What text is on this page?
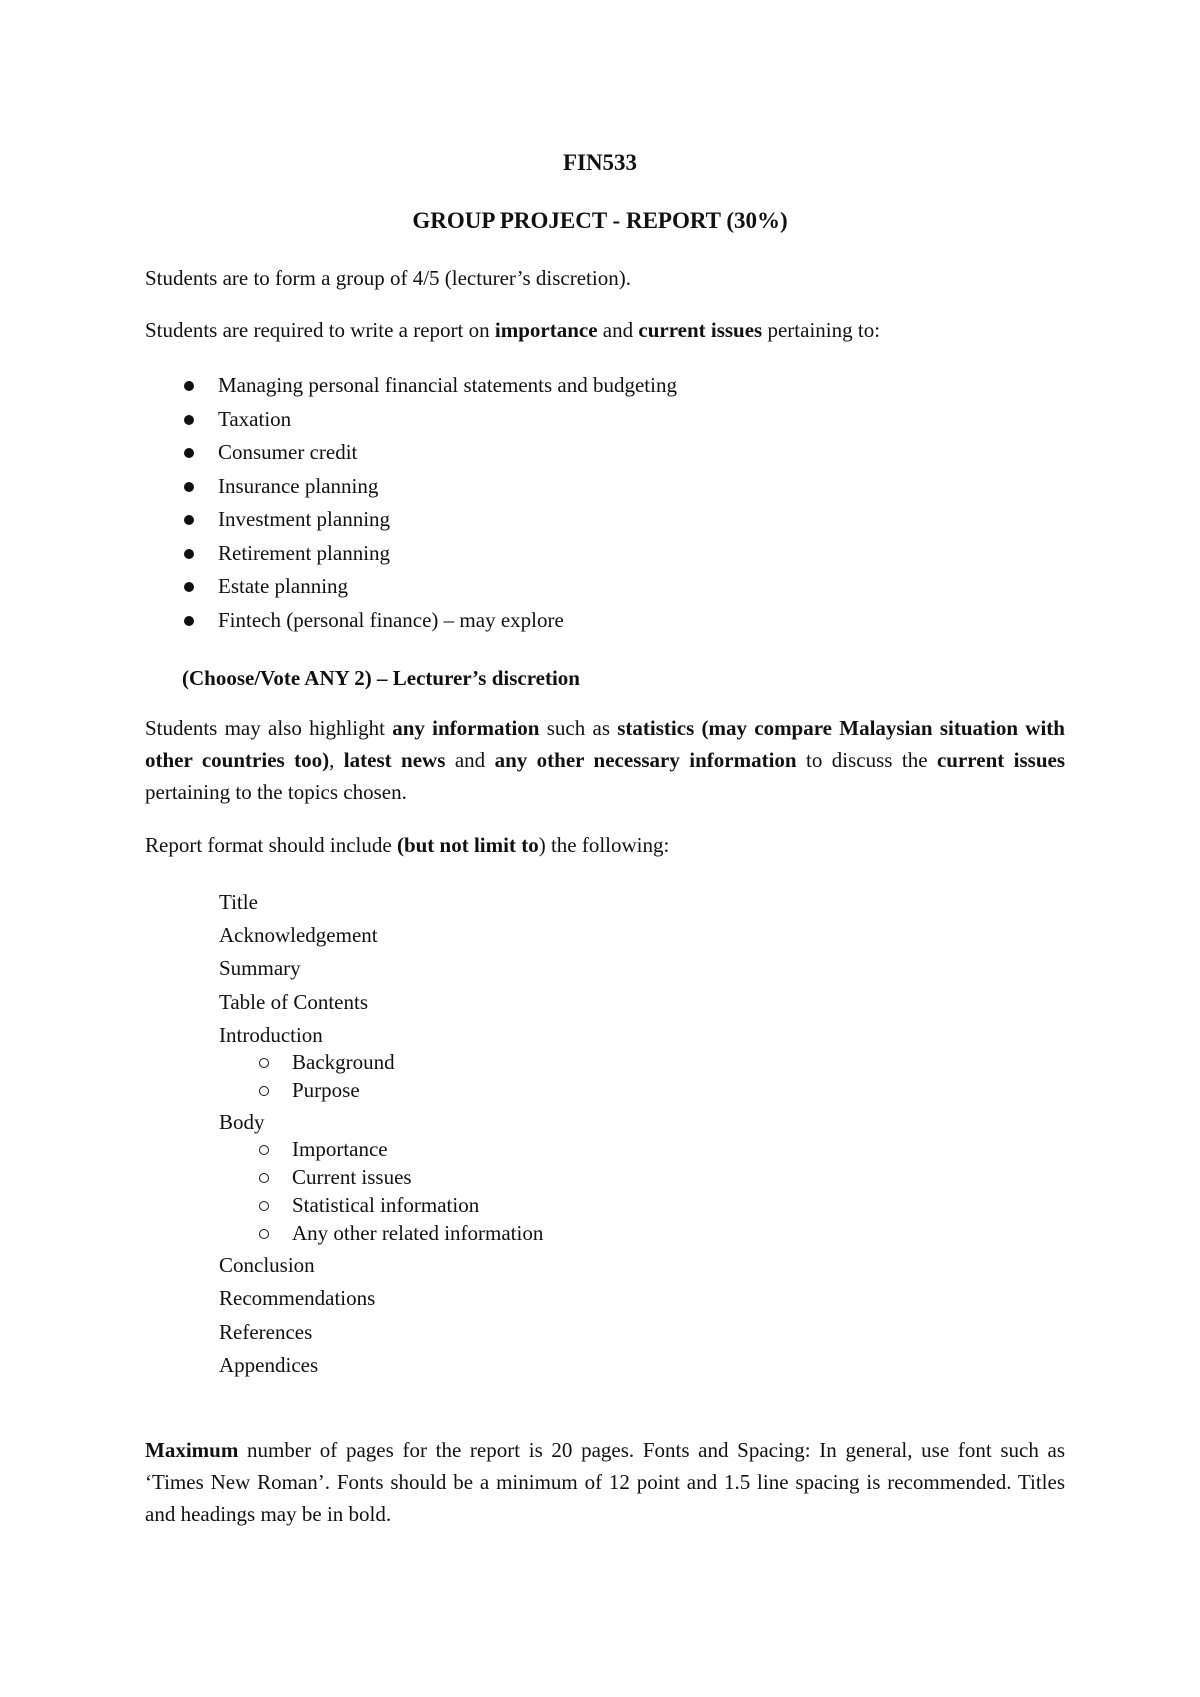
FIN533
GROUP PROJECT - REPORT (30%)

Students are to form a group of 4/5 (lecturer’s discretion).

Students are required to write a report on importance and current issues pertaining to:

Managing personal financial statements and budgeting
Taxation
Consumer credit
Insurance planning
Investment planning
Retirement planning
Estate planning
Fintech (personal finance) – may explore
(Choose/Vote ANY 2) – Lecturer’s discretion

Students may also highlight any information such as statistics (may compare Malaysian situation with other countries too), latest news and any other necessary information to discuss the current issues pertaining to the topics chosen.

Report format should include (but not limit to) the following:

Title
Acknowledgement
Summary
Table of Contents
Introduction
Background
Purpose
Body
Importance
Current issues
Statistical information
Any other related information
Conclusion
Recommendations
References
Appendices

Maximum number of pages for the report is 20 pages. Fonts and Spacing: In general, use font such as ‘Times New Roman’. Fonts should be a minimum of 12 point and 1.5 line spacing is recommended. Titles and headings may be in bold.
